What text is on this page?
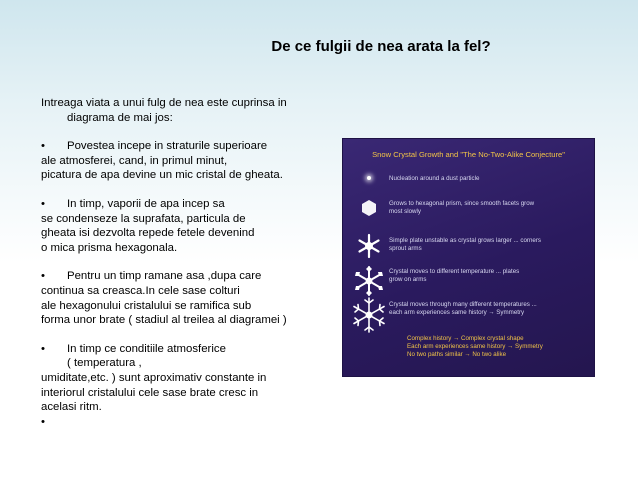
De ce fulgii de nea arata la fel?

Intreaga viata a unui fulg de nea este cuprinsa in

diagrama de mai jos:

•	Povestea incepe in straturile superioare

ale atmosferei, cand, in primul minut,

picatura de apa devine un mic cristal de gheata.

•	In timp, vaporii de apa incep sa

se condenseze la suprafata, particula de

gheata isi dezvolta repede fetele devenind

o mica prisma hexagonala.

•	Pentru un timp ramane asa ,dupa care

continua sa creasca.In cele sase colturi

ale hexagonului cristalului se ramifica sub

forma unor brate ( stadiul al treilea al diagramei )

•	In timp ce conditiile atmosferice

( temperatura ,

umiditate,etc. ) sunt aproximativ constante in

interiorul cristalului cele sase brate cresc in

acelasi ritm.

•

Snow Crystal Growth and "The No-Two-Alike Conjecture"
Nucleation around a dust particle
Grows to hexagonal prism, since smooth facets grow
most slowly
Simple plate unstable as crystal grows larger ... corners
sprout arms
Crystal moves to different temperature ... plates
grow on arms
Crystal moves through many different temperatures ...
each arm experiences same history → Symmetry
Complex history → Complex crystal shape
Each arm experiences same history → Symmetry
No two paths similar → No two alike
